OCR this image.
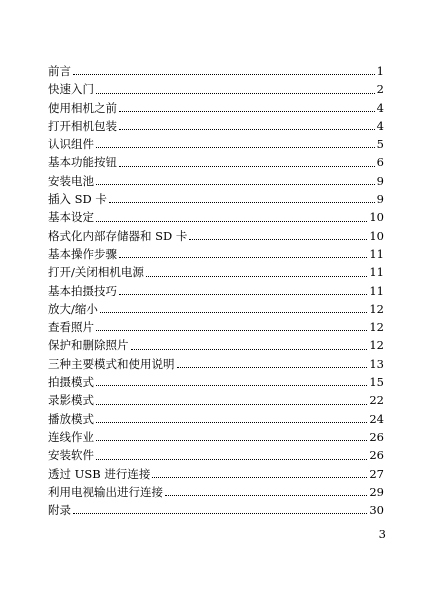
前言	1
快速入门	2
使用相机之前	4
打开相机包装	4
认识组件	5
基本功能按钮	6
安装电池	9
插入 SD 卡	9
基本设定	10
格式化内部存储器和 SD 卡	10
基本操作步骤	11
打开/关闭相机电源	11
基本拍摄技巧	11
放大/缩小	12
查看照片	12
保护和删除照片	12
三种主要模式和使用说明	13
拍摄模式	15
录影模式	22
播放模式	24
连线作业	26
安装软件	26
透过 USB 进行连接	27
利用电视输出进行连接	29
附录	30
3
